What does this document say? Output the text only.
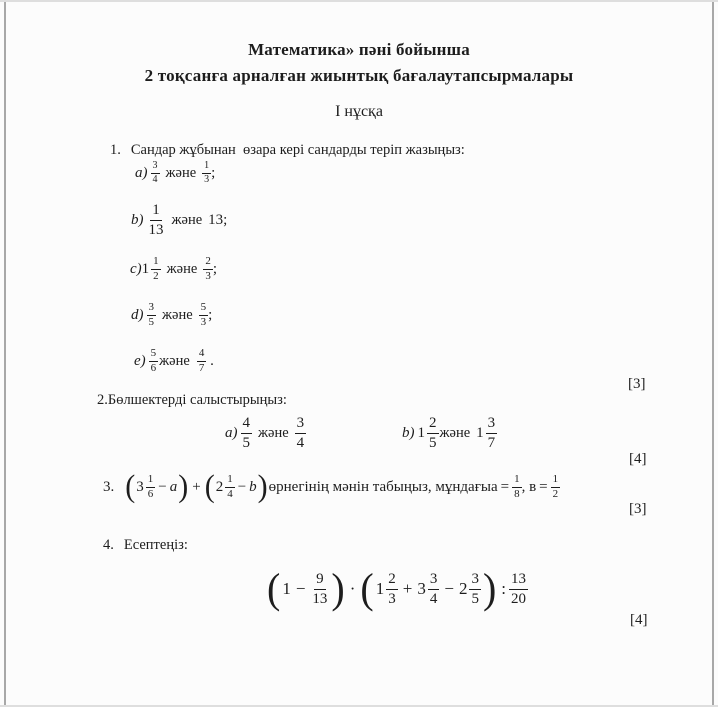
Математика» пәні бойынша
2 тоқсанға арналған жиынтық бағалаутапсырмалары
І нұсқа
1. Сандар жұбынан  өзара кері сандарды теріп жазыңыз:
$a) \frac{3}{4}$ және $\frac{1}{3}$ ;
$b) \frac{1}{13}$ және 13;
c) $1 \frac{1}{2}$ және $\frac{2}{3}$ ;
$d) \frac{3}{5}$ және $\frac{5}{3}$ ;
$e) \frac{5}{6}$ және $\frac{4}{7}$ .
[3]
2.Бөлшектерді салыстырыңыз:
$a) \frac{4}{5}$ және $\frac{3}{4}$	b) $1 \frac{2}{5}$ және $1 \frac{3}{7}$
[4]
3. ( $3 \frac{1}{6} - a$ ) + ( $2 \frac{1}{4} - b$ ) өрнегінің мәнін табыңыз, мұндағы $а = \frac{1}{8}$ , $в = \frac{1}{2}$
[3]
4. Есептеңіз:
( $1 - \frac{9}{13}$ ) · ( $1 \frac{2}{3} + 3 \frac{3}{4} - 2 \frac{3}{5}$ ) : $\frac{13}{20}$
[4]
